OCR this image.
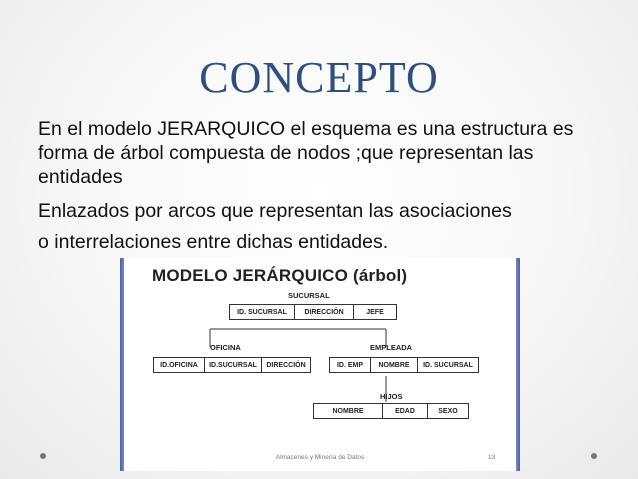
CONCEPTO
En el modelo JERARQUICO el esquema es una estructura es forma de árbol compuesta de nodos ;que representan las entidades
Enlazados por arcos que representan las asociaciones
o interrelaciones entre dichas entidades.
MODELO JERÁRQUICO (árbol)
SUCURSAL
ID. SUCURSAL	DIRECCIÓN	JEFE
OFICINA
ID.OFICINA	ID.SUCURSAL	DIRECCIÓN
EMPLEADA
ID. EMP	NOMBRE	ID. SUCURSAL
HIJOS
NOMBRE	EDAD	SEXO
Almacenes y Minería de Datos	13
